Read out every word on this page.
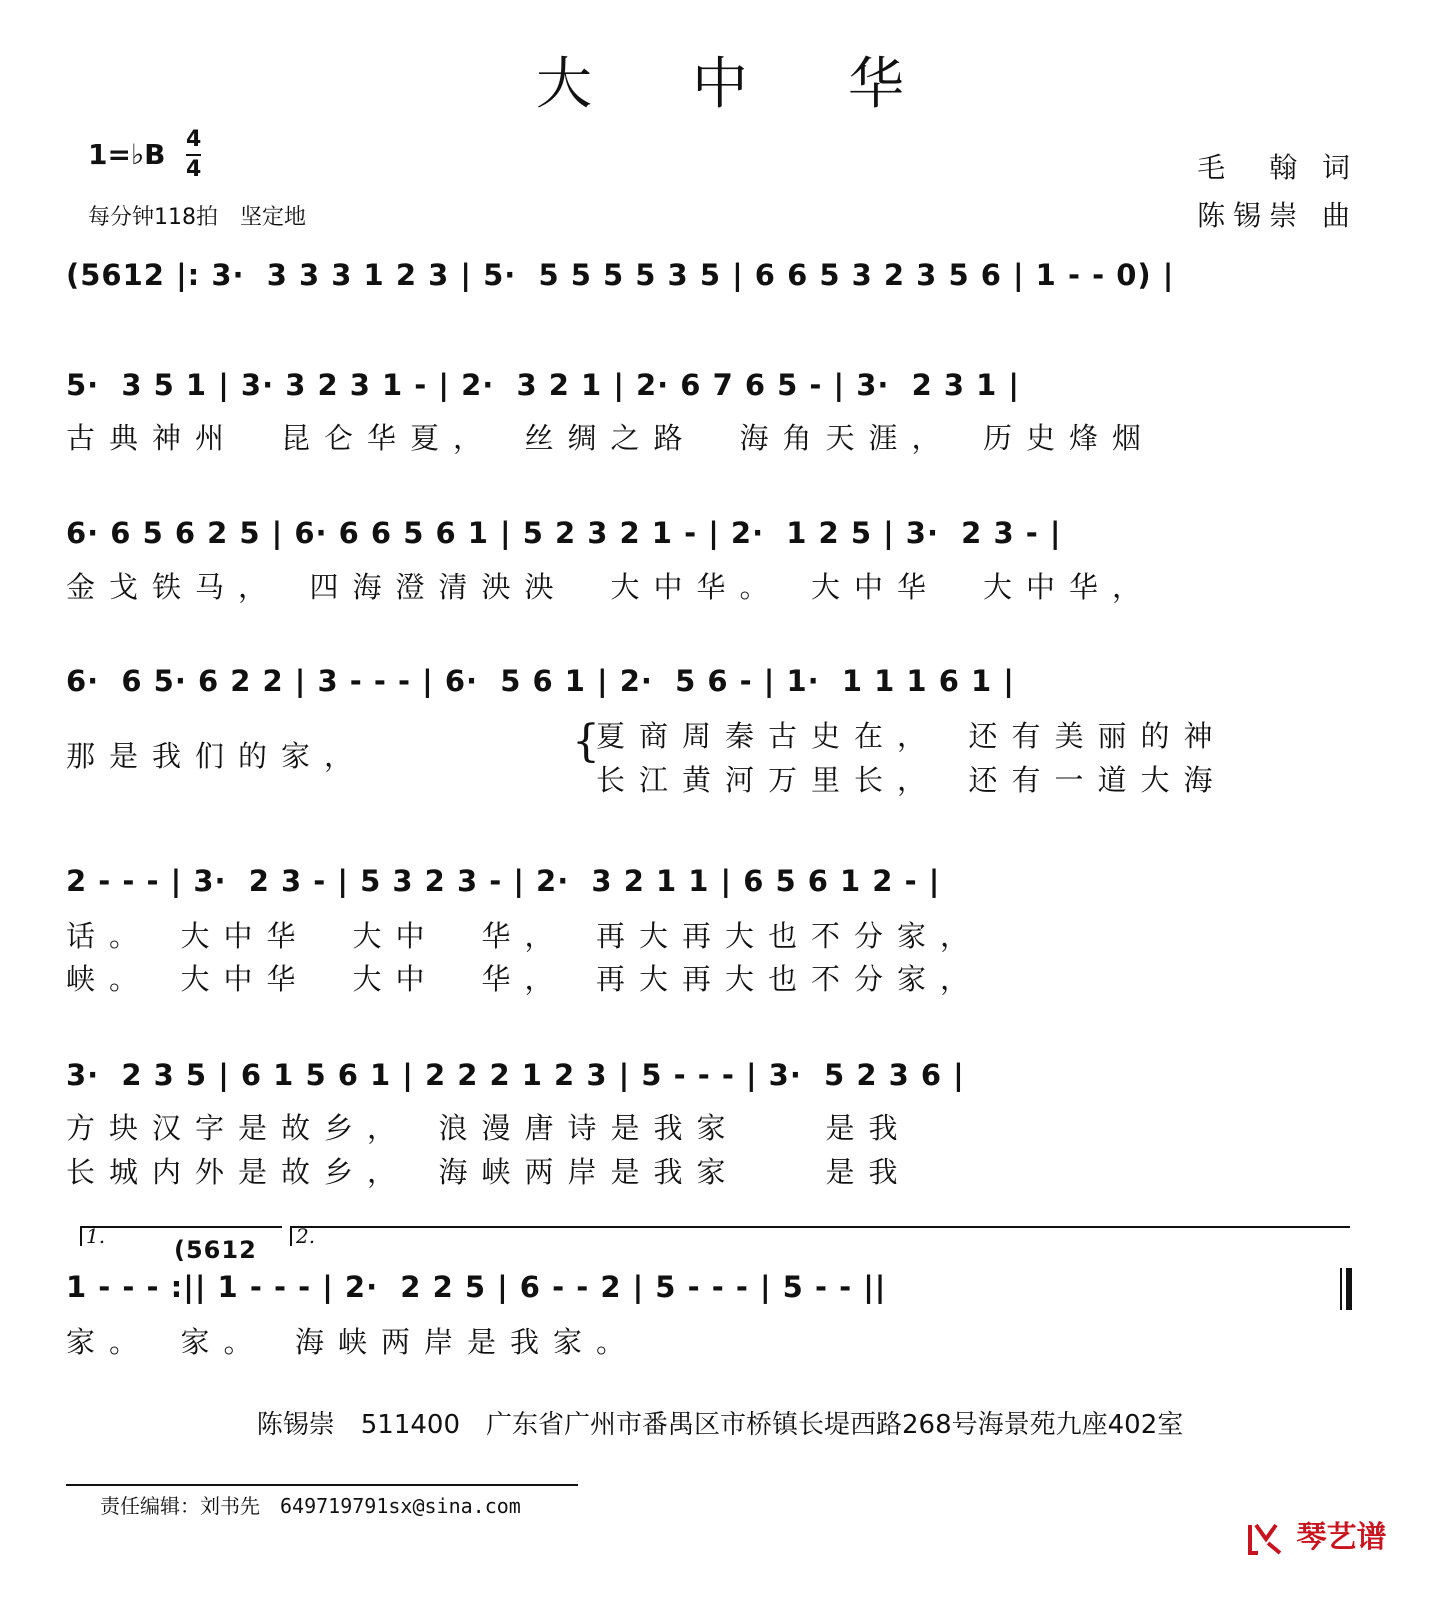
大中华
1=♭B 4
4
每分钟118拍　坚定地
毛　翰 词
陈锡崇 曲
(5612 |: 3·  3 3 3 1 2 3 | 5·  5 5 5 5 3 5 | 6 6 5 3 2 3 5 6 | 1 - - 0) |
5·  3 5 1 | 3· 3 2 3 1 - | 2·  3 2 1 | 2· 6 7 6 5 - | 3·  2 3 1 |
古典神州　昆仑华夏，　丝绸之路　海角天涯，　历史烽烟
6· 6 5 6 2 5 | 6· 6 6 5 6 1 | 5 2 3 2 1 - | 2·  1 2 5 | 3·  2 3 - |
金戈铁马，　四海澄清泱泱　大中华。　大中华　大中华，
6·  6 5· 6 2 2 | 3 - - - | 6·  5 6 1 | 2·  5 6 - | 1·  1 1 1 6 1 |
那是我们的家，	{
夏商周秦古史在，　还有美丽的神
长江黄河万里长，　还有一道大海
2 - - - | 3·  2 3 - | 5 3 2 3 - | 2·  3 2 1 1 | 6 5 6 1 2 - |
话。　大中华　大中　华，　再大再大也不分家，
峡。　大中华　大中　华，　再大再大也不分家，
3·  2 3 5 | 6 1 5 6 1 | 2 2 2 1 2 3 | 5 - - - | 3·  5 2 3 6 |
方块汉字是故乡，　浪漫唐诗是我家　　是我
长城内外是故乡，　海峡两岸是我家　　是我
1.	2.
(5612
1 - - - :|| 1 - - - | 2·  2 2 5 | 6 - - 2 | 5 - - - | 5 - - ||
家。　家。　海峡两岸是我家。
陈锡崇　511400　广东省广州市番禺区市桥镇长堤西路268号海景苑九座402室
责任编辑：刘书先　649719791sx@sina.com
琴艺谱
